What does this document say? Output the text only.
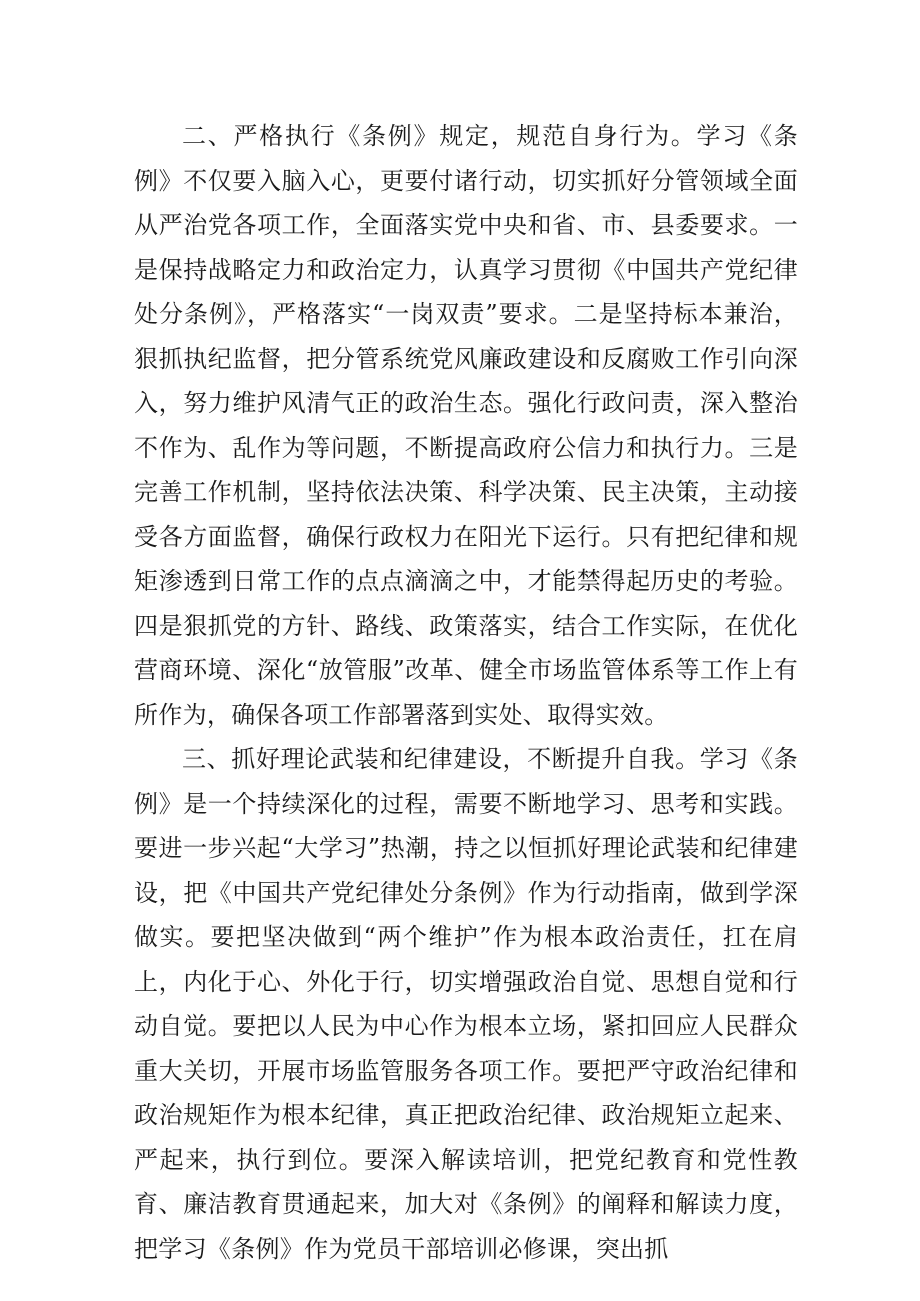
二、严格执行《条例》规定，规范自身行为。学习《条例》不仅要入脑入心，更要付诸行动，切实抓好分管领域全面从严治党各项工作，全面落实党中央和省、市、县委要求。一是保持战略定力和政治定力，认真学习贯彻《中国共产党纪律处分条例》，严格落实“一岗双责”要求。二是坚持标本兼治，狠抓执纪监督，把分管系统党风廉政建设和反腐败工作引向深入，努力维护风清气正的政治生态。强化行政问责，深入整治不作为、乱作为等问题，不断提高政府公信力和执行力。三是完善工作机制，坚持依法决策、科学决策、民主决策，主动接受各方面监督，确保行政权力在阳光下运行。只有把纪律和规矩渗透到日常工作的点点滴滴之中，才能禁得起历史的考验。四是狠抓党的方针、路线、政策落实，结合工作实际，在优化营商环境、深化“放管服”改革、健全市场监管体系等工作上有所作为，确保各项工作部署落到实处、取得实效。

三、抓好理论武装和纪律建设，不断提升自我。学习《条例》是一个持续深化的过程，需要不断地学习、思考和实践。要进一步兴起“大学习”热潮，持之以恒抓好理论武装和纪律建设，把《中国共产党纪律处分条例》作为行动指南，做到学深做实。要把坚决做到“两个维护”作为根本政治责任，扛在肩上，内化于心、外化于行，切实增强政治自觉、思想自觉和行动自觉。要把以人民为中心作为根本立场，紧扣回应人民群众重大关切，开展市场监管服务各项工作。要把严守政治纪律和政治规矩作为根本纪律，真正把政治纪律、政治规矩立起来、严起来，执行到位。要深入解读培训，把党纪教育和党性教育、廉洁教育贯通起来，加大对《条例》的阐释和解读力度，把学习《条例》作为党员干部培训必修课，突出抓
